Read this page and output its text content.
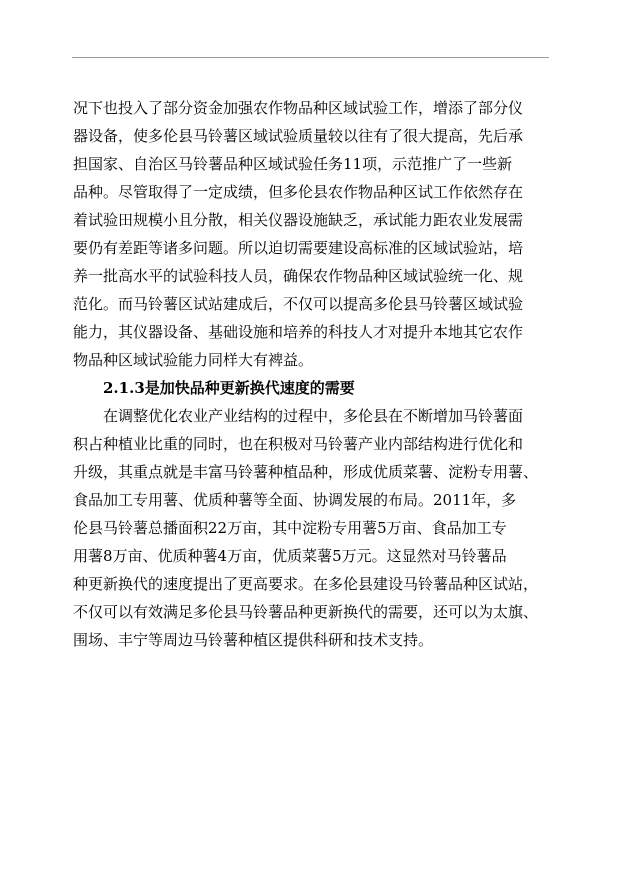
况下也投入了部分资金加强农作物品种区域试验工作，增添了部分仪
器设备，使多伦县马铃薯区域试验质量较以往有了很大提高，先后承
担国家、自治区马铃薯品种区域试验任务11项，示范推广了一些新
品种。尽管取得了一定成绩，但多伦县农作物品种区试工作依然存在
着试验田规模小且分散，相关仪器设施缺乏，承试能力距农业发展需
要仍有差距等诸多问题。所以迫切需要建设高标准的区域试验站，培
养一批高水平的试验科技人员，确保农作物品种区域试验统一化、规
范化。而马铃薯区试站建成后，不仅可以提高多伦县马铃薯区域试验
能力，其仪器设备、基础设施和培养的科技人才对提升本地其它农作
物品种区域试验能力同样大有裨益。
2.1.3是加快品种更新换代速度的需要
在调整优化农业产业结构的过程中，多伦县在不断增加马铃薯面
积占种植业比重的同时，也在积极对马铃薯产业内部结构进行优化和
升级，其重点就是丰富马铃薯种植品种，形成优质菜薯、淀粉专用薯、
食品加工专用薯、优质种薯等全面、协调发展的布局。2011年，多
伦县马铃薯总播面积22万亩，其中淀粉专用薯5万亩、食品加工专
用薯8万亩、优质种薯4万亩，优质菜薯5万元。这显然对马铃薯品
种更新换代的速度提出了更高要求。在多伦县建设马铃薯品种区试站，
不仅可以有效满足多伦县马铃薯品种更新换代的需要，还可以为太旗、
围场、丰宁等周边马铃薯种植区提供科研和技术支持。
